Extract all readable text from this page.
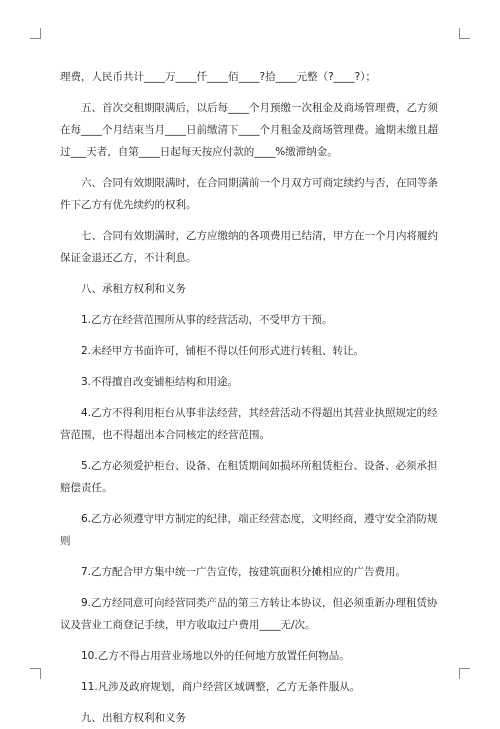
理费，人民币共计____万____仟____佰____?拾____元整（?____?）；

五、首次交租期限满后，以后每____个月预缴一次租金及商场管理费，乙方须在每____个月结束当月____日前缴清下____个月租金及商场管理费。逾期未缴且超过___天者，自第____日起每天按应付款的____%缴滞纳金。

六、合同有效期限满时，在合同期满前一个月双方可商定续约与否，在同等条件下乙方有优先续约的权利。

七、合同有效期满时，乙方应缴纳的各项费用已结清，甲方在一个月内将履约保证金退还乙方，不计利息。

八、承租方权利和义务

1.乙方在经营范围所从事的经营活动，不受甲方干预。

2.未经甲方书面许可，铺柜不得以任何形式进行转租、转让。

3.不得擅自改变铺柜结构和用途。

4.乙方不得利用柜台从事非法经营，其经营活动不得超出其营业执照规定的经营范围，也不得超出本合同核定的经营范围。

5.乙方必须爱护柜台、设备、在租赁期间如损坏所租赁柜台、设备、必须承担赔偿责任。

6.乙方必须遵守甲方制定的纪律，端正经营态度，文明经商，遵守安全消防规则

7.乙方配合甲方集中统一广告宣传，按建筑面积分摊相应的广告费用。

9.乙方经同意可向经营同类产品的第三方转让本协议，但必须重新办理租赁协议及营业工商登记手续，甲方收取过户费用____无/次。

10.乙方不得占用营业场地以外的任何地方放置任何物品。

11.凡涉及政府规划，商户经营区域调整，乙方无条件服从。

九、出租方权利和义务
